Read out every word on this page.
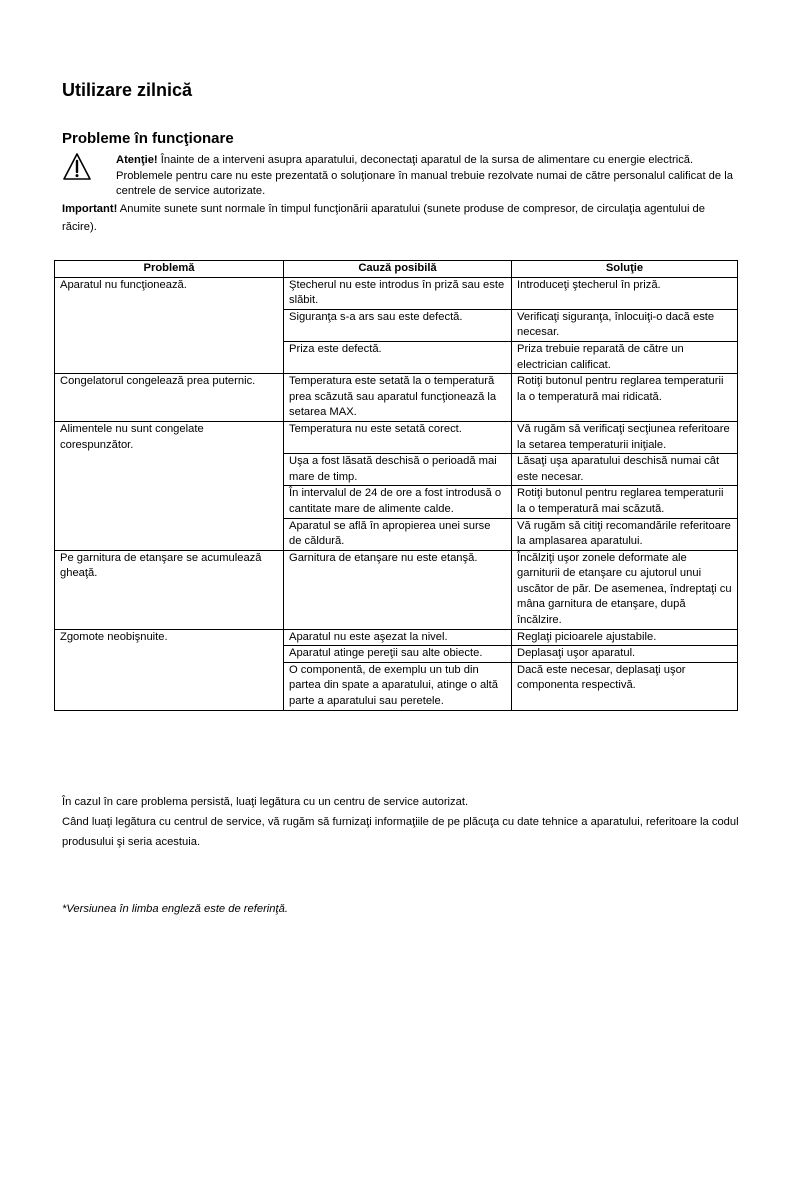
Utilizare zilnică
Probleme în funcţionare
Atenţie! Înainte de a interveni asupra aparatului, deconectaţi aparatul de la sursa de alimentare cu energie electrică. Problemele pentru care nu este prezentată o soluţionare în manual trebuie rezolvate numai de către personalul calificat de la centrele de service autorizate.
Important! Anumite sunete sunt normale în timpul funcţionării aparatului (sunete produse de compresor, de circulaţia agentului de răcire).
Problemă	Cauză posibilă	Soluţie
Aparatul nu funcţionează.	Ştecherul nu este introdus în priză sau este slăbit.	Introduceţi ştecherul în priză.
	Siguranţa s-a ars sau este defectă.	Verificaţi siguranţa, înlocuiţi-o dacă este necesar.
	Priza este defectă.	Priza trebuie reparată de către un electrician calificat.
Congelatorul congelează prea puternic.	Temperatura este setată la o temperatură prea scăzută sau aparatul funcţionează la setarea MAX.	Rotiţi butonul pentru reglarea temperaturii la o temperatură mai ridicată.
Alimentele nu sunt congelate corespunzător.	Temperatura nu este setată corect.	Vă rugăm să verificaţi secţiunea referitoare la setarea temperaturii iniţiale.
	Uşa a fost lăsată deschisă o perioadă mai mare de timp.	Lăsaţi uşa aparatului deschisă numai cât este necesar.
	În intervalul de 24 de ore a fost introdusă o cantitate mare de alimente calde.	Rotiţi butonul pentru reglarea temperaturii la o temperatură mai scăzută.
	Aparatul se află în apropierea unei surse de căldură.	Vă rugăm să citiţi recomandările referitoare la amplasarea aparatului.
Pe garnitura de etanşare se acumulează gheaţă.	Garnitura de etanşare nu este etanşă.	Încălziţi uşor zonele deformate ale garniturii de etanşare cu ajutorul unui uscător de păr. De asemenea, îndreptaţi cu mâna garnitura de etanşare, după încălzire.
Zgomote neobişnuite.	Aparatul nu este aşezat la nivel.	Reglaţi picioarele ajustabile.
	Aparatul atinge pereţii sau alte obiecte.	Deplasaţi uşor aparatul.
	O componentă, de exemplu un tub din partea din spate a aparatului, atinge o altă parte a aparatului sau peretele.	Dacă este necesar, deplasaţi uşor componenta respectivă.
În cazul în care problema persistă, luaţi legătura cu un centru de service autorizat.
Când luaţi legătura cu centrul de service, vă rugăm să furnizaţi informaţiile de pe plăcuţa cu date tehnice a aparatului, referitoare la codul produsului şi seria acestuia.
*Versiunea în limba engleză este de referinţă.
